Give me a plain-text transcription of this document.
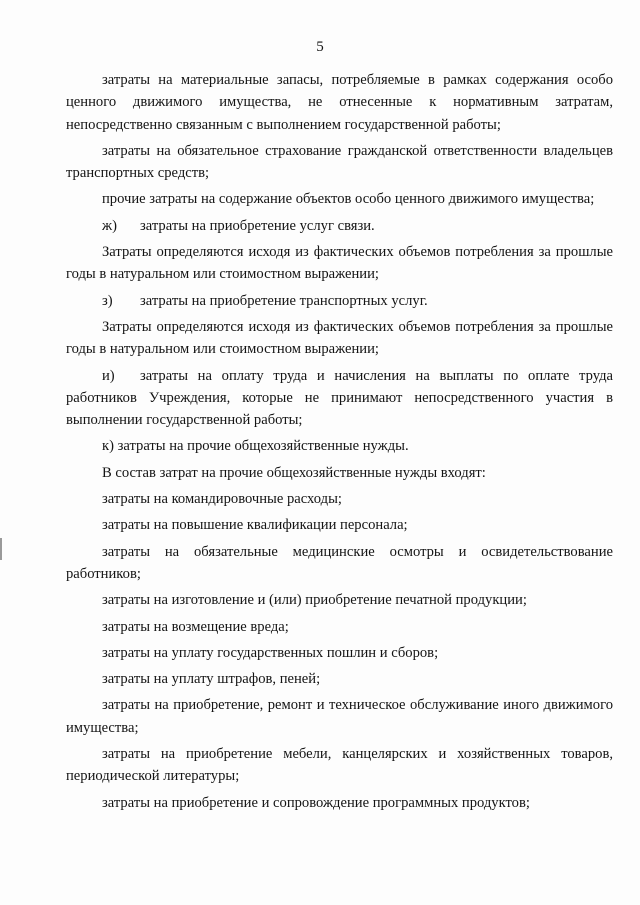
5

затраты на материальные запасы, потребляемые в рамках содержания особо ценного движимого имущества, не отнесенные к нормативным затратам, непосредственно связанным с выполнением государственной работы;

затраты на обязательное страхование гражданской ответственности владельцев транспортных средств;

прочие затраты на содержание объектов особо ценного движимого имущества;

ж) затраты на приобретение услуг связи.

Затраты определяются исходя из фактических объемов потребления за прошлые годы в натуральном или стоимостном выражении;

з) затраты на приобретение транспортных услуг.

Затраты определяются исходя из фактических объемов потребления за прошлые годы в натуральном или стоимостном выражении;

и) затраты на оплату труда и начисления на выплаты по оплате труда работников Учреждения, которые не принимают непосредственного участия в выполнении государственной работы;

к) затраты на прочие общехозяйственные нужды.

В состав затрат на прочие общехозяйственные нужды входят:

затраты на командировочные расходы;

затраты на повышение квалификации персонала;

затраты на обязательные медицинские осмотры и освидетельствование работников;

затраты на изготовление и (или) приобретение печатной продукции;

затраты на возмещение вреда;

затраты на уплату государственных пошлин и сборов;

затраты на уплату штрафов, пеней;

затраты на приобретение, ремонт и техническое обслуживание иного движимого имущества;

затраты на приобретение мебели, канцелярских и хозяйственных товаров, периодической литературы;

затраты на приобретение и сопровождение программных продуктов;
